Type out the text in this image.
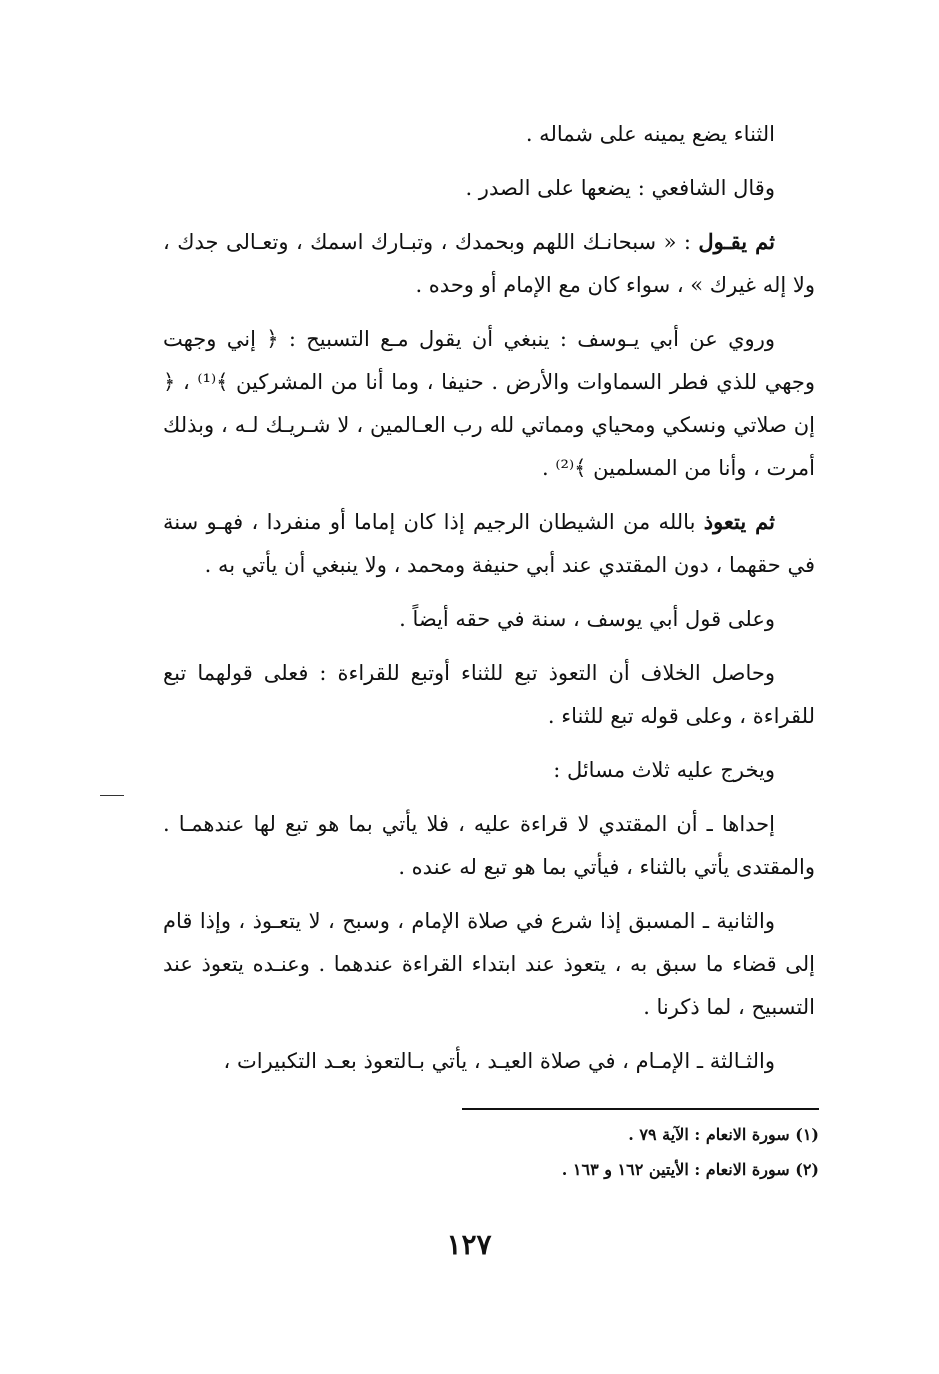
الثناء يضع يمينه على شماله .

وقال الشافعي : يضعها على الصدر .

ثم يقـول : « سبحانـك اللهم وبحمدك ، وتبـارك اسمك ، وتعـالى جدك ، ولا إله غيرك » ، سواء كان مع الإمام أو وحده .

وروي عن أبي يـوسف : ينبغي أن يقول مـع التسبيح : ﴿ إني وجهت وجهي للذي فطر السماوات والأرض . حنيفا ، وما أنا من المشركين ﴾⁽¹⁾ ، ﴿ إن صلاتي ونسكي ومحياي ومماتي لله رب العـالمين ، لا شـريـك لـه ، وبذلك أمرت ، وأنا من المسلمين ﴾⁽²⁾ .

ثم يتعوذ بالله من الشيطان الرجيم إذا كان إماما أو منفردا ، فهـو سنة في حقهما ، دون المقتدي عند أبي حنيفة ومحمد ، ولا ينبغي أن يأتي به .

وعلى قول أبي يوسف ، سنة في حقه أيضاً .

وحاصل الخلاف أن التعوذ تبع للثناء أوتبع للقراءة : فعلى قولهما تبع للقراءة ، وعلى قوله تبع للثناء .

ويخرج عليه ثلاث مسائل :

إحداها ـ أن المقتدي لا قراءة عليه ، فلا يأتي بما هو تبع لها عندهمـا . والمقتدى يأتي بالثناء ، فيأتي بما هو تبع له عنده .

والثانية ـ المسبق إذا شرع في صلاة الإمام ، وسبح ، لا يتعـوذ ، وإذا قام إلى قضاء ما سبق به ، يتعوذ عند ابتداء القراءة عندهما . وعنـده يتعوذ عند التسبيح ، لما ذكرنا .

والثـالثة ـ الإمـام ، في صلاة العيـد ، يأتي بـالتعوذ بعـد التكبيرات ،

(١) سورة الانعام : الآية ٧٩ .

(٢) سورة الانعام : الأيتين ١٦٢ و ١٦٣ .

١٢٧
